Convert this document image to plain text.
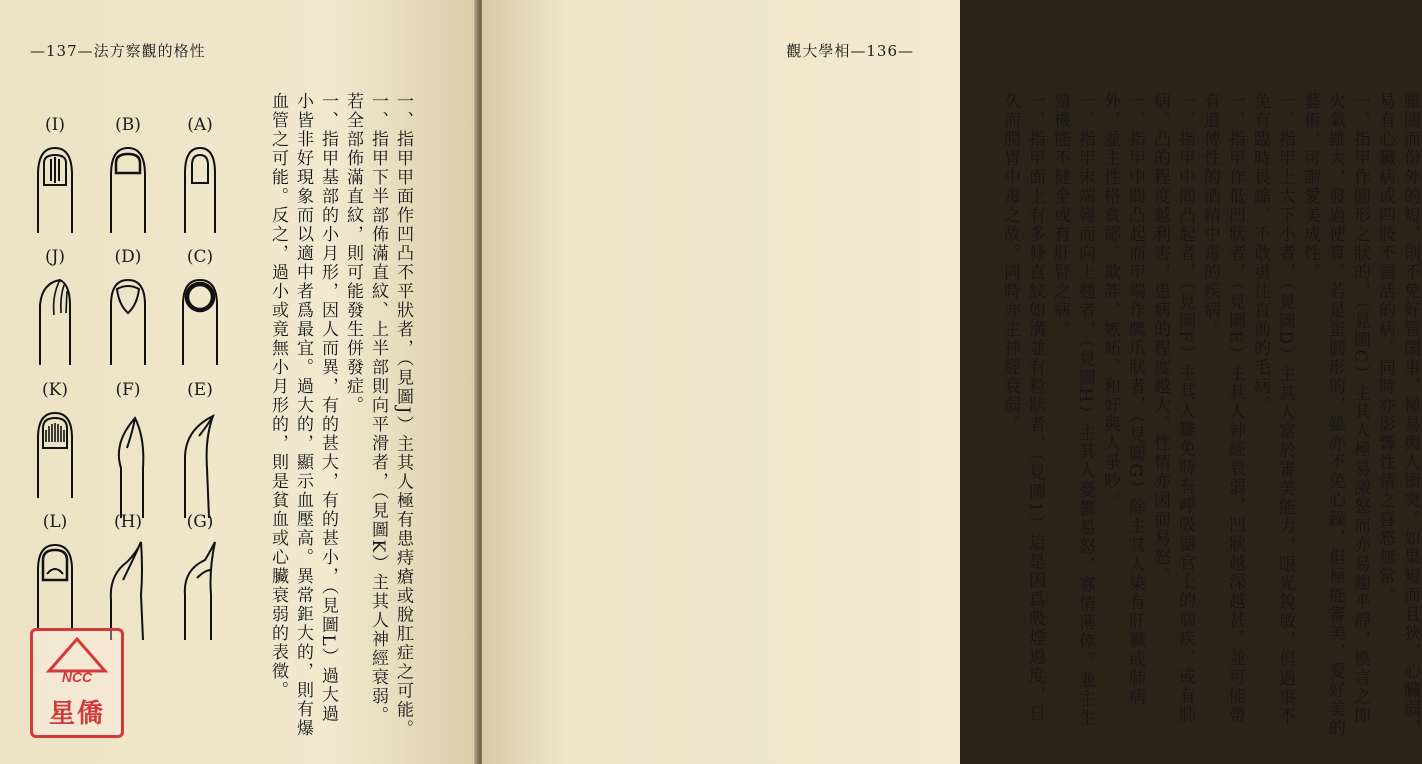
—137—法方察觀的格性
(A)
(B)
(I)
(C)
(D)
(J)
(E)
(F)
(K)
(G)
(H)
(L)	一、指甲甲面作凹凸不平狀者，（見圖J）主其人極有患痔瘡或脫肛症之可能。
一、指甲下半部佈滿直紋、上半部則向平滑者，（見圖K）主其人神經衰弱。若全部佈滿直紋，則可能發生併發症。
一、指甲基部的小月形，因人而異，有的甚大，有的甚小，（見圖L）過大過小皆非好現象而以適中者爲最宜。過大的，顯示血壓高。異常鉅大的，則有爆血管之可能。反之，過小或竟無小月形的，則是貧血或心臟衰弱的表徵。
NCC
星僑
觀大學相—136—
雖闊而份外的短，則不免好管閑事，極易與人衝突。如果短而且狹，心臟弱，易有心臟病或四肢不靈活的病。同時亦影響性情之喜怒無常。
一、指甲作圓形之狀的，（見圖C）主其人極易激怒而亦易趨平靜，換言之即火氣雖大，發過便算。若是蛋圓形的，雖亦不免心躁，但極能審美，愛好美的藝術，可謂愛美成性。
一、指甲上大下小者，（見圖D）主其人富於審美能力，眼光銳敏，但遇事不免有臨時畏縮，不敢勇往直前的毛病。
一、指甲作低凹狀者，（見圖E）主其人神經衰弱，凹狀越深越甚。並可能帶有遺傳性的酒精中毒的疾病。
一、指甲中間凸起者，（見圖F）主其人難免時有呼吸器官上的痼疾，或有肺病。凸的程度越利害，患病的程度越大。性情亦因而易怒。
一、指甲中間凸起而甲端作鷹爪狀者，（見圖G）除主其人染有肝臟或肺病外，並主性格貪鄙、欺詐、嫉妬、和好與人爭吵。
一、指甲末端彎而向上翹者，（見圖H）主其人憂鬱易怒，寡情薄倖。並主生殖機能不健全或有肝腎之病。
一、指甲面上有多條直紋如溝並有粒狀者，（見圖1）這是因爲吸煙過度，日久而腸胃中毒之故。同時亦主神經衰弱。
